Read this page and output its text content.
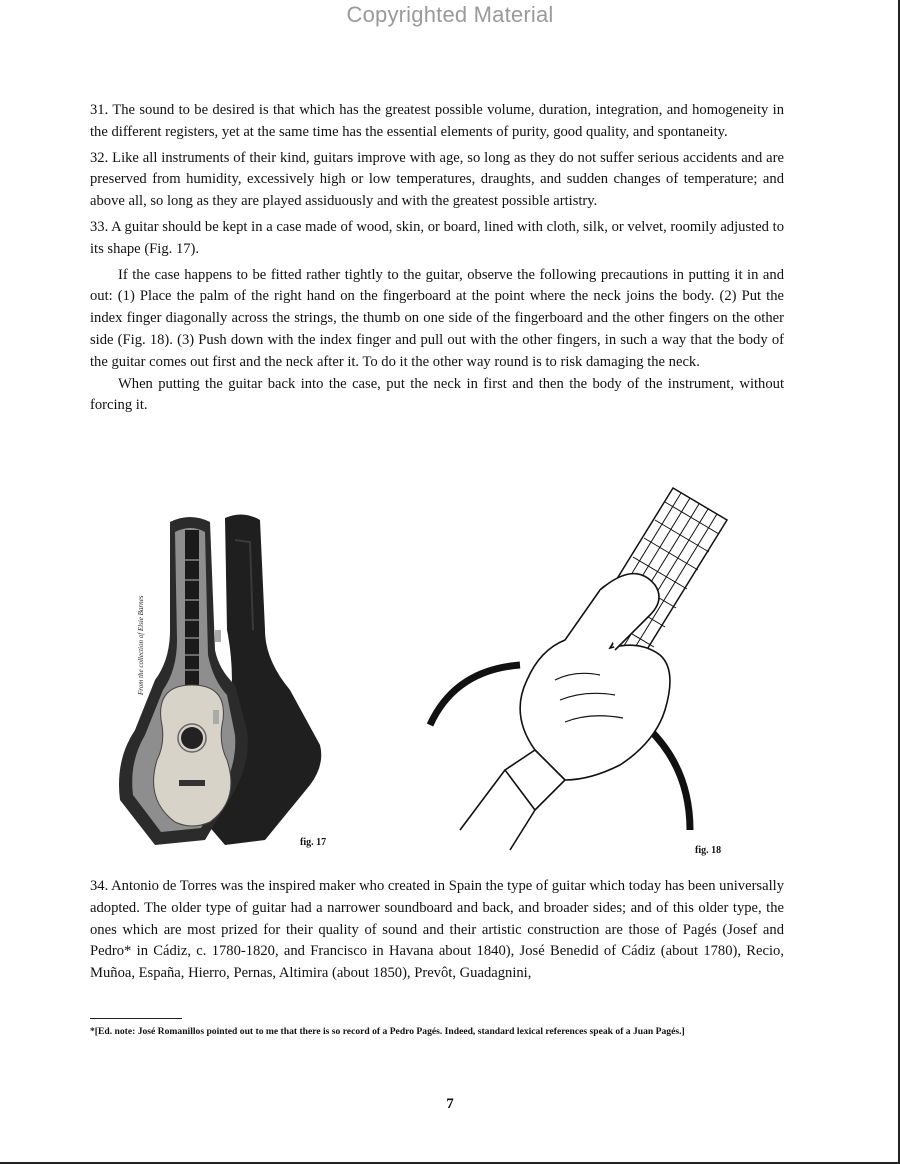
Copyrighted Material

31. The sound to be desired is that which has the greatest possible volume, duration, integration, and homogeneity in the different registers, yet at the same time has the essential elements of purity, good quality, and spontaneity.

32. Like all instruments of their kind, guitars improve with age, so long as they do not suffer serious accidents and are preserved from humidity, excessively high or low temperatures, draughts, and sudden changes of temperature; and above all, so long as they are played assiduously and with the greatest possible artistry.

33. A guitar should be kept in a case made of wood, skin, or board, lined with cloth, silk, or velvet, roomily adjusted to its shape (Fig. 17).

If the case happens to be fitted rather tightly to the guitar, observe the following precautions in putting it in and out: (1) Place the palm of the right hand on the fingerboard at the point where the neck joins the body. (2) Put the index finger diagonally across the strings, the thumb on one side of the fingerboard and the other fingers on the other side (Fig. 18). (3) Push down with the index finger and pull out with the other fingers, in such a way that the body of the guitar comes out first and the neck after it. To do it the other way round is to risk damaging the neck.

When putting the guitar back into the case, put the neck in first and then the body of the instrument, without forcing it.

From the collection of Elsie Barnes
fig. 17
fig. 18

34. Antonio de Torres was the inspired maker who created in Spain the type of guitar which today has been universally adopted. The older type of guitar had a narrower soundboard and back, and broader sides; and of this older type, the ones which are most prized for their quality of sound and their artistic construction are those of Pagés (Josef and Pedro* in Cádiz, c. 1780-1820, and Francisco in Havana about 1840), José Benedid of Cádiz (about 1780), Recio, Muñoa, España, Hierro, Pernas, Altimira (about 1850), Prevôt, Guadagnini,

*[Ed. note: José Romanillos pointed out to me that there is so record of a Pedro Pagés. Indeed, standard lexical references speak of a Juan Pagés.]
7
